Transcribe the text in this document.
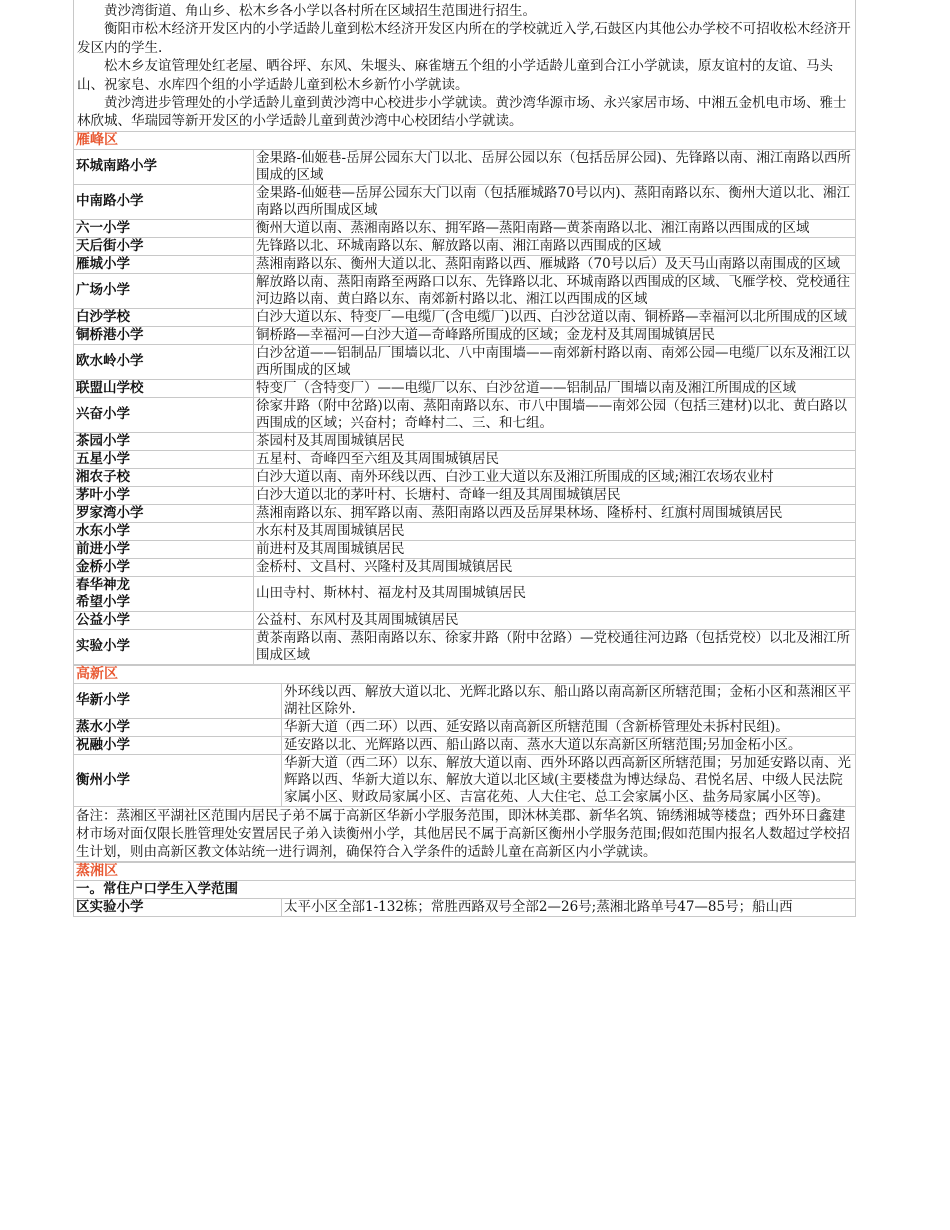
黄沙湾街道、角山乡、松木乡各小学以各村所在区域招生范围进行招生。

衡阳市松木经济开发区内的小学适龄儿童到松木经济开发区内所在的学校就近入学,石鼓区内其他公办学校不可招收松木经济开发区内的学生.

松木乡友谊管理处红老屋、晒谷坪、东风、朱堰头、麻雀塘五个组的小学适龄儿童到合江小学就读，原友谊村的友谊、马头山、祝家皂、水库四个组的小学适龄儿童到松木乡新竹小学就读。

黄沙湾进步管理处的小学适龄儿童到黄沙湾中心校进步小学就读。黄沙湾华源市场、永兴家居市场、中湘五金机电市场、雅士林欣城、华瑞园等新开发区的小学适龄儿童到黄沙湾中心校团结小学就读。

雁峰区	
环城南路小学	金果路-仙姬巷-岳屏公园东大门以北、岳屏公园以东（包括岳屏公园)、先锋路以南、湘江南路以西所围成的区域
中南路小学	金果路-仙姬巷—岳屏公园东大门以南（包括雁城路70号以内)、蒸阳南路以东、衡州大道以北、湘江南路以西所围成区域
六一小学	衡州大道以南、蒸湘南路以东、拥军路—蒸阳南路—黄茶南路以北、湘江南路以西围成的区域
天后街小学	先锋路以北、环城南路以东、解放路以南、湘江南路以西围成的区域
雁城小学	蒸湘南路以东、衡州大道以北、蒸阳南路以西、雁城路（70号以后）及天马山南路以南围成的区域
广场小学	解放路以南、蒸阳南路至两路口以东、先锋路以北、环城南路以西围成的区域、飞雁学校、党校通往河边路以南、黄白路以东、南郊新村路以北、湘江以西围成的区域
白沙学校	白沙大道以东、特变厂—电缆厂(含电缆厂)以西、白沙岔道以南、铜桥路—幸福河以北所围成的区域
铜桥港小学	铜桥路—幸福河—白沙大道—奇峰路所围成的区域；金龙村及其周围城镇居民
欧水岭小学	白沙岔道——铝制品厂围墙以北、八中南围墙——南郊新村路以南、南郊公园—电缆厂以东及湘江以西所围成的区域
联盟山学校	特变厂（含特变厂）——电缆厂以东、白沙岔道——铝制品厂围墙以南及湘江所围成的区域
兴奋小学	徐家井路（附中岔路)以南、蒸阳南路以东、市八中围墙——南郊公园（包括三建材)以北、黄白路以西围成的区域；兴奋村；奇峰村二、三、和七组。
茶园小学	茶园村及其周围城镇居民
五星小学	五星村、奇峰四至六组及其周围城镇居民
湘农子校	白沙大道以南、南外环线以西、白沙工业大道以东及湘江所围成的区域;湘江农场农业村
茅叶小学	白沙大道以北的茅叶村、长塘村、奇峰一组及其周围城镇居民
罗家湾小学	蒸湘南路以东、拥军路以南、蒸阳南路以西及岳屏果林场、隆桥村、红旗村周围城镇居民
水东小学	水东村及其周围城镇居民
前进小学	前进村及其周围城镇居民
金桥小学	金桥村、文昌村、兴隆村及其周围城镇居民
春华神龙
希望小学	山田寺村、斯林村、福龙村及其周围城镇居民
公益小学	公益村、东风村及其周围城镇居民
实验小学	黄茶南路以南、蒸阳南路以东、徐家井路（附中岔路）—党校通往河边路（包括党校）以北及湘江所围成区域
高新区	
华新小学	外环线以西、解放大道以北、光辉北路以东、船山路以南高新区所辖范围；金柘小区和蒸湘区平湖社区除外.
蒸水小学	华新大道（西二环）以西、延安路以南高新区所辖范围（含新桥管理处未拆村民组)。
祝融小学	延安路以北、光辉路以西、船山路以南、蒸水大道以东高新区所辖范围;另加金柘小区。
衡州小学	华新大道（西二环）以东、解放大道以南、西外环路以西高新区所辖范围；另加延安路以南、光辉路以西、华新大道以东、解放大道以北区域(主要楼盘为博达绿岛、君悦名居、中级人民法院家属小区、财政局家属小区、吉富花苑、人大住宅、总工会家属小区、盐务局家属小区等)。
备注：蒸湘区平湖社区范围内居民子弟不属于高新区华新小学服务范围，即沐林美郡、新华名筑、锦绣湘城等楼盘；西外环日鑫建材市场对面仅限长胜管理处安置居民子弟入读衡州小学，其他居民不属于高新区衡州小学服务范围;假如范围内报名人数超过学校招生计划，则由高新区教文体站统一进行调剂，确保符合入学条件的适龄儿童在高新区内小学就读。	
蒸湘区
一。常住户口学生入学范围
区实验小学	太平小区全部1-132栋；常胜西路双号全部2—26号;蒸湘北路单号47—85号；船山西
